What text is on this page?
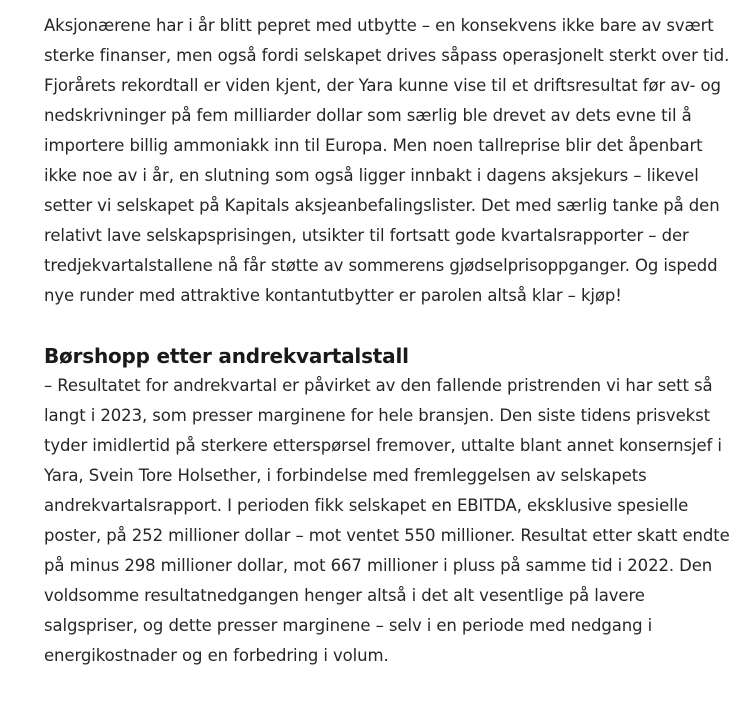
Aksjonærene har i år blitt pepret med utbytte – en konsekvens ikke bare av svært sterke finanser, men også fordi selskapet drives såpass operasjonelt sterkt over tid. Fjorårets rekordtall er viden kjent, der Yara kunne vise til et driftsresultat før av- og nedskrivninger på fem milliarder dollar som særlig ble drevet av dets evne til å importere billig ammoniakk inn til Europa. Men noen tallreprise blir det åpenbart ikke noe av i år, en slutning som også ligger innbakt i dagens aksjekurs – likevel setter vi selskapet på Kapitals aksjeanbefalingslister. Det med særlig tanke på den relativt lave selskapsprisingen, utsikter til fortsatt gode kvartalsrapporter – der tredjekvartalstallene nå får støtte av sommerens gjødselprisoppganger. Og ispedd nye runder med attraktive kontantutbytter er parolen altså klar – kjøp!

Børshopp etter andrekvartalstall

– Resultatet for andrekvartal er påvirket av den fallende pristrenden vi har sett så langt i 2023, som presser marginene for hele bransjen. Den siste tidens prisvekst tyder imidlertid på sterkere etterspørsel fremover, uttalte blant annet konsernsjef i Yara, Svein Tore Holsether, i forbindelse med fremleggelsen av selskapets andrekvartalsrapport. I perioden fikk selskapet en EBITDA, eksklusive spesielle poster, på 252 millioner dollar – mot ventet 550 millioner. Resultat etter skatt endte på minus 298 millioner dollar, mot 667 millioner i pluss på samme tid i 2022. Den voldsomme resultatnedgangen henger altså i det alt vesentlige på lavere salgspriser, og dette presser marginene – selv i en periode med nedgang i energikostnader og en forbedring i volum.
